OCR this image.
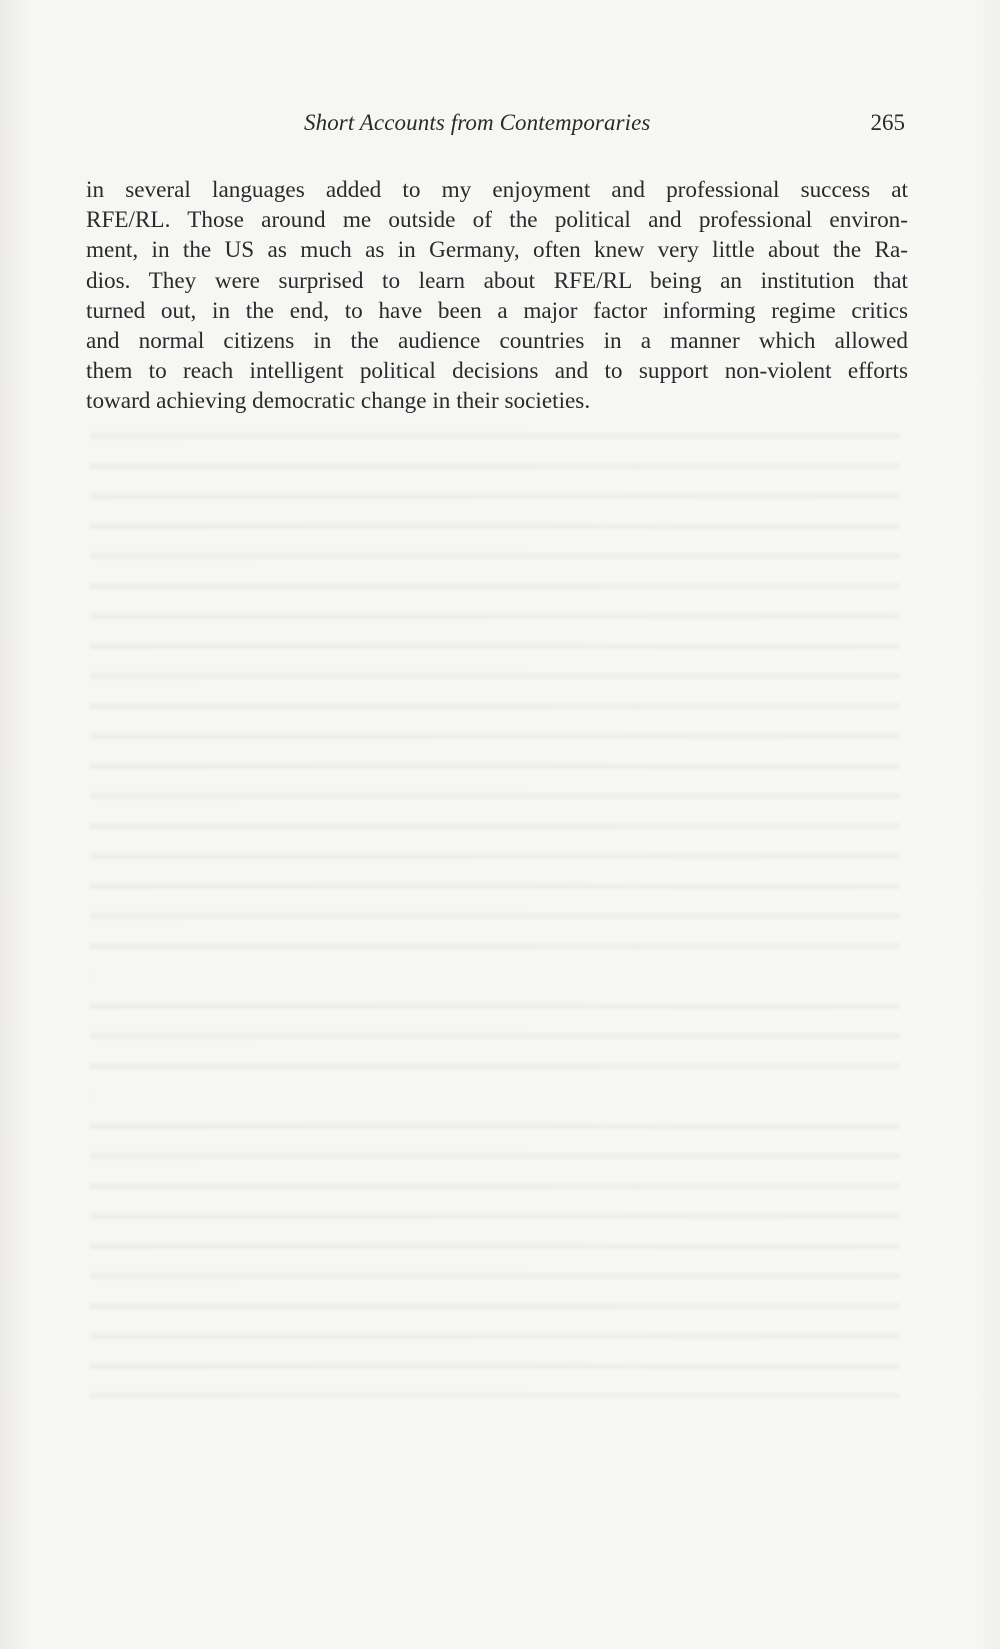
Short Accounts from Contemporaries	265

in several languages added to my enjoyment and professional success at
RFE/RL. Those around me outside of the political and professional environ-
ment, in the US as much as in Germany, often knew very little about the Ra-
dios. They were surprised to learn about RFE/RL being an institution that
turned out, in the end, to have been a major factor informing regime critics
and normal citizens in the audience countries in a manner which allowed
them to reach intelligent political decisions and to support non-violent efforts
toward achieving democratic change in their societies.
